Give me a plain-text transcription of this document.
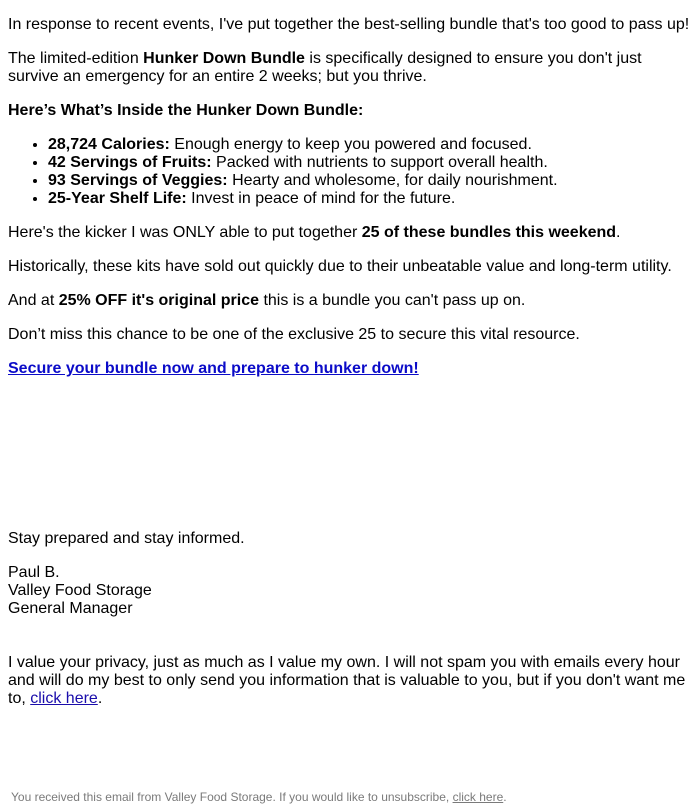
In response to recent events, I've put together the best-selling bundle that's too good to pass up!

The limited-edition Hunker Down Bundle is specifically designed to ensure you don't just survive an emergency for an entire 2 weeks; but you thrive.

Here’s What’s Inside the Hunker Down Bundle:

• 28,724 Calories: Enough energy to keep you powered and focused.
• 42 Servings of Fruits: Packed with nutrients to support overall health.
• 93 Servings of Veggies: Hearty and wholesome, for daily nourishment.
• 25-Year Shelf Life: Invest in peace of mind for the future.

Here's the kicker I was ONLY able to put together 25 of these bundles this weekend.

Historically, these kits have sold out quickly due to their unbeatable value and long-term utility.

And at 25% OFF it's original price this is a bundle you can't pass up on.

Don’t miss this chance to be one of the exclusive 25 to secure this vital resource.

Secure your bundle now and prepare to hunker down!

Stay prepared and stay informed.

Paul B.
Valley Food Storage
General Manager
I value your privacy, just as much as I value my own. I will not spam you with emails every hour and will do my best to only send you information that is valuable to you, but if you don't want me to, click here.
You received this email from Valley Food Storage. If you would like to unsubscribe, click here.
